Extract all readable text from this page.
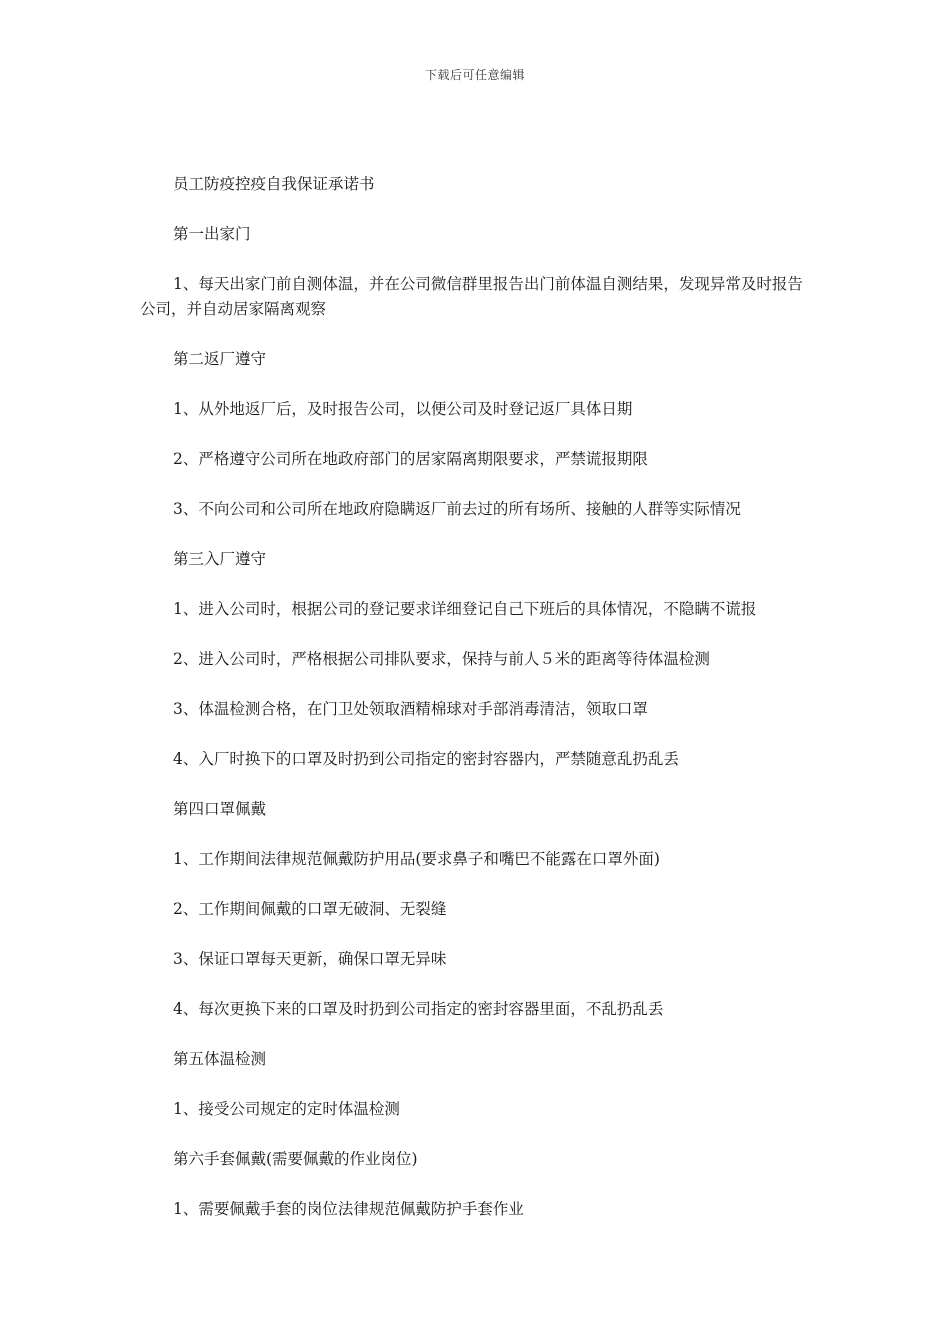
下载后可任意编辑

员工防疫控疫自我保证承诺书

第一出家门

1、每天出家门前自测体温，并在公司微信群里报告出门前体温自测结果，发现异常及时报告公司，并自动居家隔离观察

第二返厂遵守

1、从外地返厂后，及时报告公司，以便公司及时登记返厂具体日期

2、严格遵守公司所在地政府部门的居家隔离期限要求，严禁谎报期限

3、不向公司和公司所在地政府隐瞒返厂前去过的所有场所、接触的人群等实际情况

第三入厂遵守

1、进入公司时，根据公司的登记要求详细登记自己下班后的具体情况，不隐瞒不谎报

2、进入公司时，严格根据公司排队要求，保持与前人５米的距离等待体温检测

3、体温检测合格，在门卫处领取酒精棉球对手部消毒清洁，领取口罩

4、入厂时换下的口罩及时扔到公司指定的密封容器内，严禁随意乱扔乱丢

第四口罩佩戴

1、工作期间法律规范佩戴防护用品(要求鼻子和嘴巴不能露在口罩外面)

2、工作期间佩戴的口罩无破洞、无裂缝

3、保证口罩每天更新，确保口罩无异味

4、每次更换下来的口罩及时扔到公司指定的密封容器里面，不乱扔乱丢

第五体温检测

1、接受公司规定的定时体温检测

第六手套佩戴(需要佩戴的作业岗位)

1、需要佩戴手套的岗位法律规范佩戴防护手套作业
